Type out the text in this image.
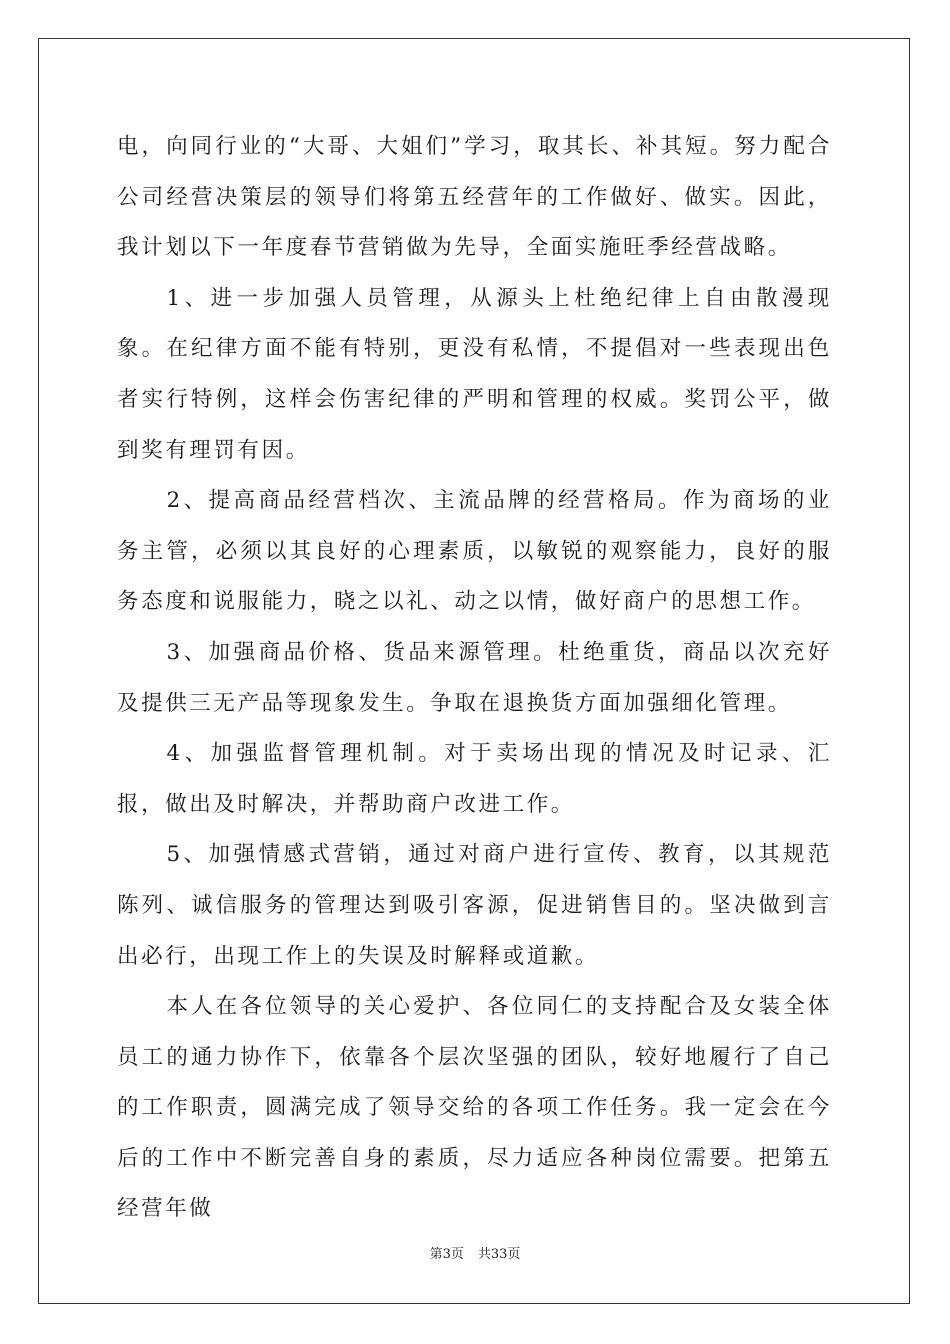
电，向同行业的“大哥、大姐们”学习，取其长、补其短。努力配合公司经营决策层的领导们将第五经营年的工作做好、做实。因此，我计划以下一年度春节营销做为先导，全面实施旺季经营战略。

1、进一步加强人员管理，从源头上杜绝纪律上自由散漫现象。在纪律方面不能有特别，更没有私情，不提倡对一些表现出色者实行特例，这样会伤害纪律的严明和管理的权威。奖罚公平，做到奖有理罚有因。

2、提高商品经营档次、主流品牌的经营格局。作为商场的业务主管，必须以其良好的心理素质，以敏锐的观察能力，良好的服务态度和说服能力，晓之以礼、动之以情，做好商户的思想工作。

3、加强商品价格、货品来源管理。杜绝重货，商品以次充好及提供三无产品等现象发生。争取在退换货方面加强细化管理。

4、加强监督管理机制。对于卖场出现的情况及时记录、汇报，做出及时解决，并帮助商户改进工作。

5、加强情感式营销，通过对商户进行宣传、教育，以其规范陈列、诚信服务的管理达到吸引客源，促进销售目的。坚决做到言出必行，出现工作上的失误及时解释或道歉。

本人在各位领导的关心爱护、各位同仁的支持配合及女装全体员工的通力协作下，依靠各个层次坚强的团队，较好地履行了自己的工作职责，圆满完成了领导交给的各项工作任务。我一定会在今后的工作中不断完善自身的素质，尽力适应各种岗位需要。把第五经营年做

第3页 共33页
